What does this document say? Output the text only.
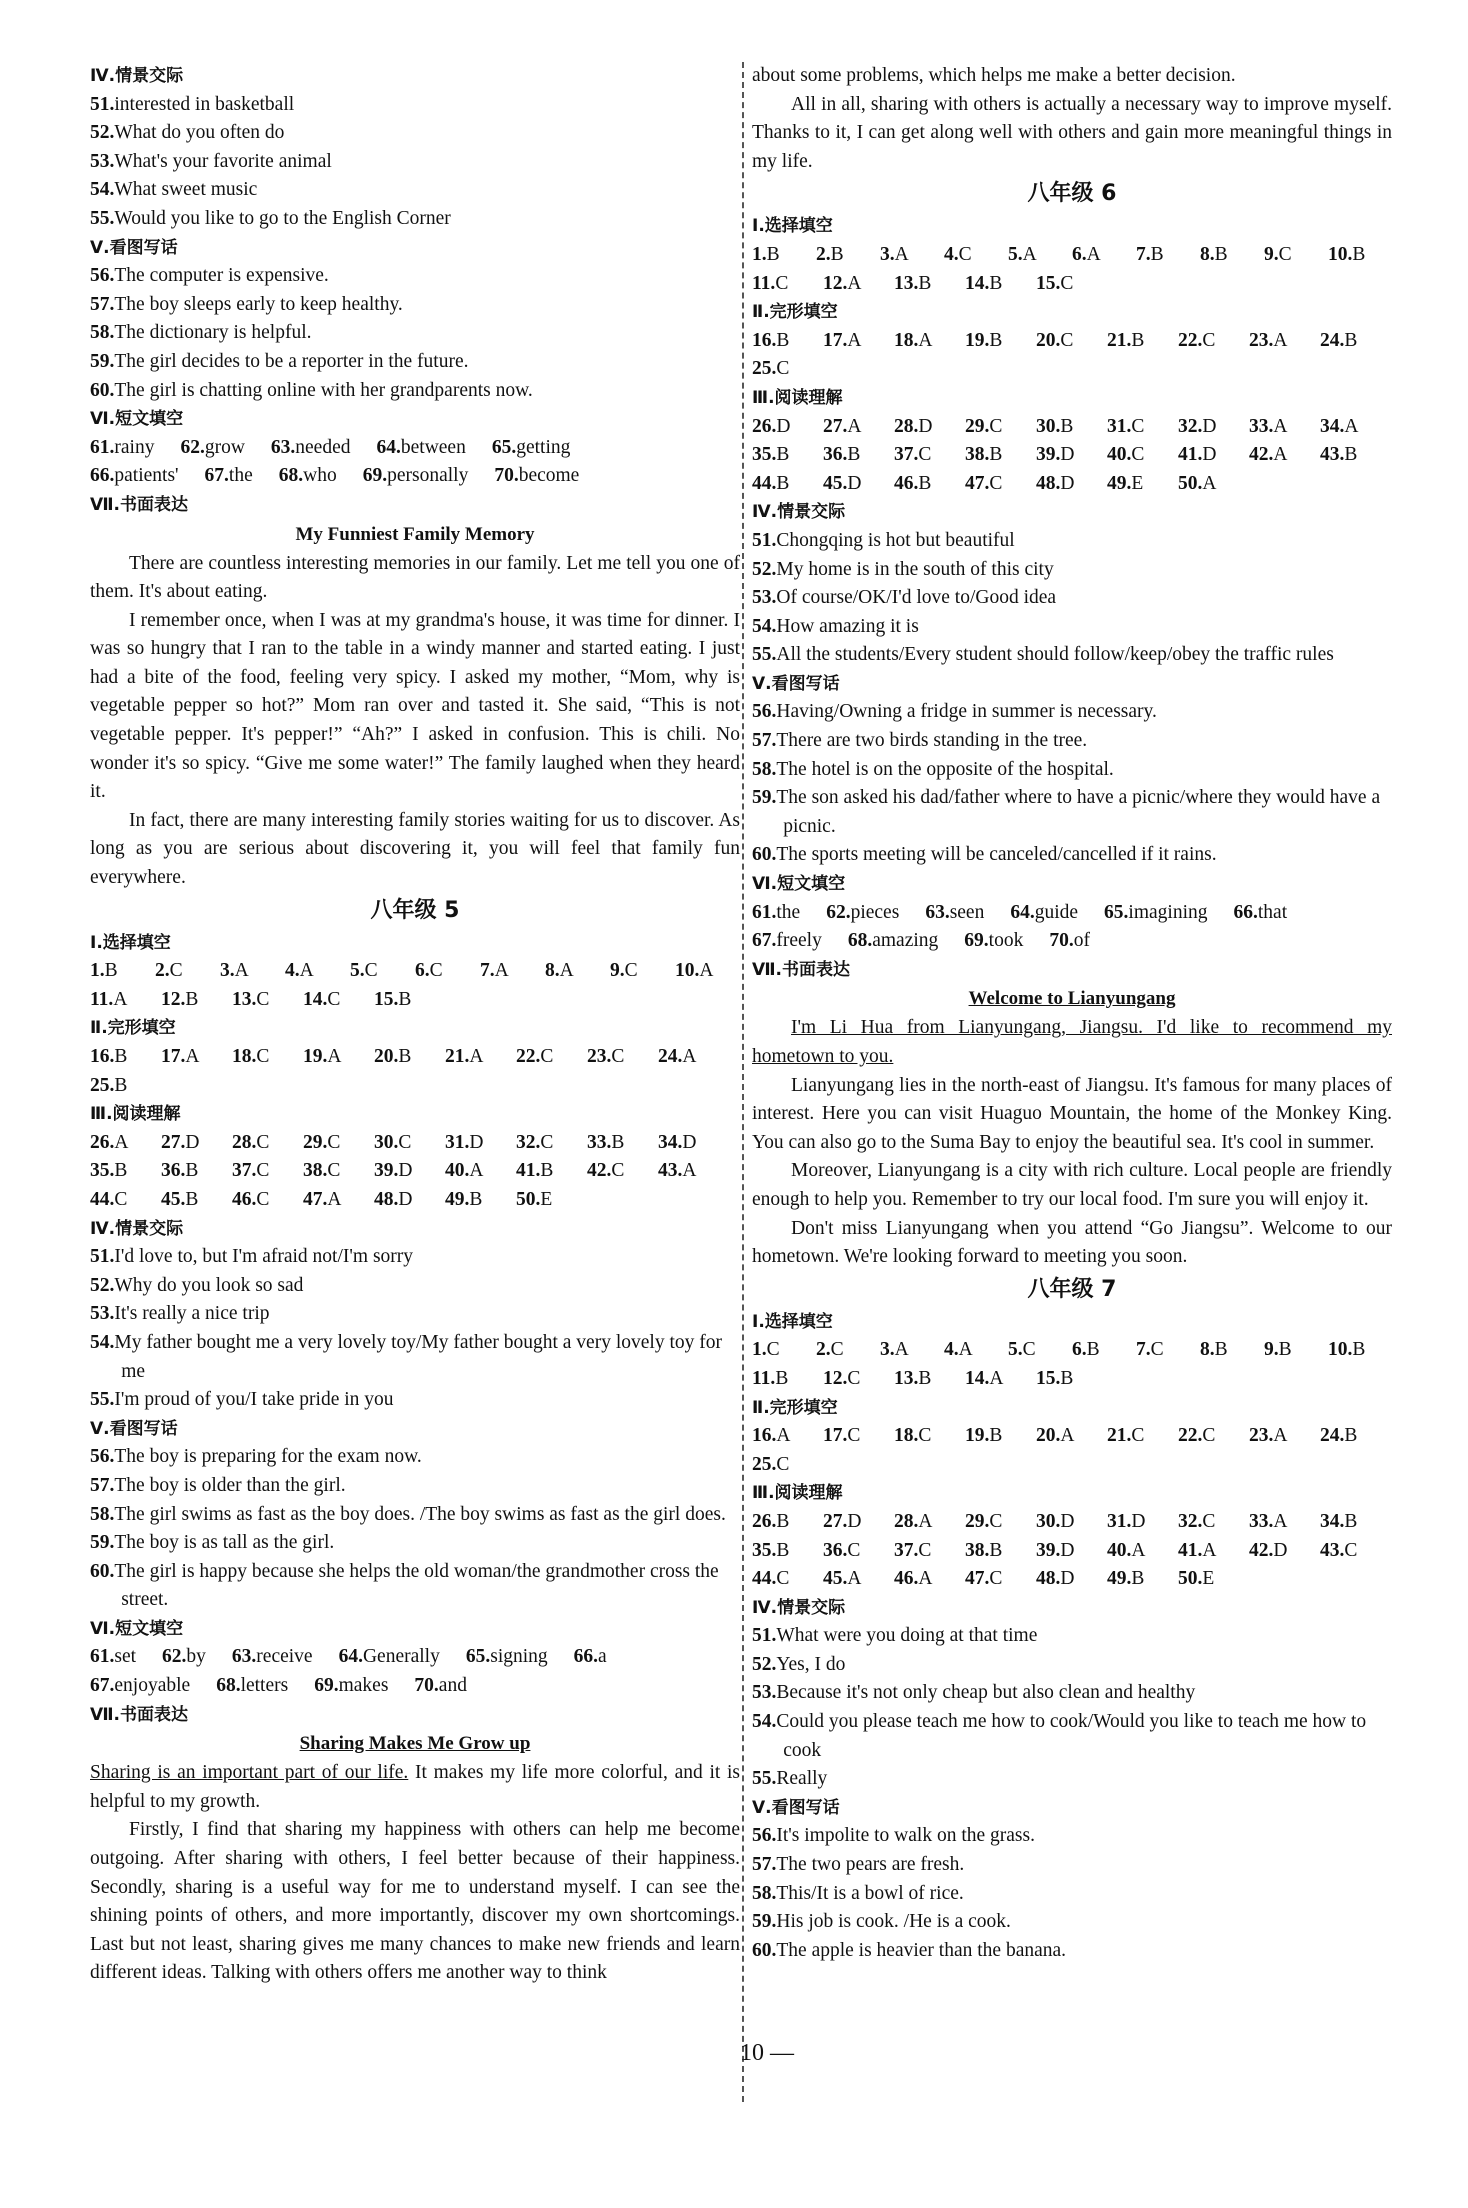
Ⅳ.情景交际
51.interested in basketball
52.What do you often do
53.What's your favorite animal
54.What sweet music
55.Would you like to go to the English Corner
Ⅴ.看图写话
56.The computer is expensive.
57.The boy sleeps early to keep healthy.
58.The dictionary is helpful.
59.The girl decides to be a reporter in the future.
60.The girl is chatting online with her grandparents now.
Ⅵ.短文填空
61.rainy 62.grow 63.needed 64.between 65.getting
66.patients' 67.the 68.who 69.personally 70.become
Ⅶ.书面表达
My Funniest Family Memory
There are countless interesting memories in our family. Let me tell you one of them. It's about eating.
I remember once, when I was at my grandma's house, it was time for dinner. I was so hungry that I ran to the table in a windy manner and started eating. I just had a bite of the food, feeling very spicy. I asked my mother, “Mom, why is vegetable pepper so hot?” Mom ran over and tasted it. She said, “This is not vegetable pepper. It's pepper!” “Ah?” I asked in confusion. This is chili. No wonder it's so spicy. “Give me some water!” The family laughed when they heard it.
In fact, there are many interesting family stories waiting for us to discover. As long as you are serious about discovering it, you will feel that family fun everywhere.
八年级 5
Ⅰ.选择填空
1.B	2.C	3.A	4.A	5.C	6.C	7.A	8.A	9.C	10.A
11.A	12.B	13.C	14.C	15.B
Ⅱ.完形填空
16.B	17.A	18.C	19.A	20.B	21.A	22.C	23.C	24.A
25.B
Ⅲ.阅读理解
26.A	27.D	28.C	29.C	30.C	31.D	32.C	33.B	34.D
35.B	36.B	37.C	38.C	39.D	40.A	41.B	42.C	43.A
44.C	45.B	46.C	47.A	48.D	49.B	50.E
Ⅳ.情景交际
51.I'd love to, but I'm afraid not/I'm sorry
52.Why do you look so sad
53.It's really a nice trip
54.My father bought me a very lovely toy/My father bought a very lovely toy for me
55.I'm proud of you/I take pride in you
Ⅴ.看图写话
56.The boy is preparing for the exam now.
57.The boy is older than the girl.
58.The girl swims as fast as the boy does. /The boy swims as fast as the girl does.
59.The boy is as tall as the girl.
60.The girl is happy because she helps the old woman/the grandmother cross the street.
Ⅵ.短文填空
61.set 62.by 63.receive 64.Generally 65.signing 66.a
67.enjoyable 68.letters 69.makes 70.and
Ⅶ.书面表达
Sharing Makes Me Grow up
Sharing is an important part of our life. It makes my life more colorful, and it is helpful to my growth.
Firstly, I find that sharing my happiness with others can help me become outgoing. After sharing with others, I feel better because of their happiness. Secondly, sharing is a useful way for me to understand myself. I can see the shining points of others, and more importantly, discover my own shortcomings. Last but not least, sharing gives me many chances to make new friends and learn different ideas. Talking with others offers me another way to think
about some problems, which helps me make a better decision.
All in all, sharing with others is actually a necessary way to improve myself. Thanks to it, I can get along well with others and gain more meaningful things in my life.
八年级 6
Ⅰ.选择填空
1.B	2.B	3.A	4.C	5.A	6.A	7.B	8.B	9.C	10.B
11.C	12.A	13.B	14.B	15.C
Ⅱ.完形填空
16.B	17.A	18.A	19.B	20.C	21.B	22.C	23.A	24.B
25.C
Ⅲ.阅读理解
26.D	27.A	28.D	29.C	30.B	31.C	32.D	33.A	34.A
35.B	36.B	37.C	38.B	39.D	40.C	41.D	42.A	43.B
44.B	45.D	46.B	47.C	48.D	49.E	50.A
Ⅳ.情景交际
51.Chongqing is hot but beautiful
52.My home is in the south of this city
53.Of course/OK/I'd love to/Good idea
54.How amazing it is
55.All the students/Every student should follow/keep/obey the traffic rules
Ⅴ.看图写话
56.Having/Owning a fridge in summer is necessary.
57.There are two birds standing in the tree.
58.The hotel is on the opposite of the hospital.
59.The son asked his dad/father where to have a picnic/where they would have a picnic.
60.The sports meeting will be canceled/cancelled if it rains.
Ⅵ.短文填空
61.the 62.pieces 63.seen 64.guide 65.imagining 66.that
67.freely 68.amazing 69.took 70.of
Ⅶ.书面表达
Welcome to Lianyungang
I'm Li Hua from Lianyungang, Jiangsu. I'd like to recommend my hometown to you.
Lianyungang lies in the north-east of Jiangsu. It's famous for many places of interest. Here you can visit Huaguo Mountain, the home of the Monkey King. You can also go to the Suma Bay to enjoy the beautiful sea. It's cool in summer.
Moreover, Lianyungang is a city with rich culture. Local people are friendly enough to help you. Remember to try our local food. I'm sure you will enjoy it.
Don't miss Lianyungang when you attend “Go Jiangsu”. Welcome to our hometown. We're looking forward to meeting you soon.
八年级 7
Ⅰ.选择填空
1.C	2.C	3.A	4.A	5.C	6.B	7.C	8.B	9.B	10.B
11.B	12.C	13.B	14.A	15.B
Ⅱ.完形填空
16.A	17.C	18.C	19.B	20.A	21.C	22.C	23.A	24.B
25.C
Ⅲ.阅读理解
26.B	27.D	28.A	29.C	30.D	31.D	32.C	33.A	34.B
35.B	36.C	37.C	38.B	39.D	40.A	41.A	42.D	43.C
44.C	45.A	46.A	47.C	48.D	49.B	50.E
Ⅳ.情景交际
51.What were you doing at that time
52.Yes, I do
53.Because it's not only cheap but also clean and healthy
54.Could you please teach me how to cook/Would you like to teach me how to cook
55.Really
Ⅴ.看图写话
56.It's impolite to walk on the grass.
57.The two pears are fresh.
58.This/It is a bowl of rice.
59.His job is cook. /He is a cook.
60.The apple is heavier than the banana.
10 —
